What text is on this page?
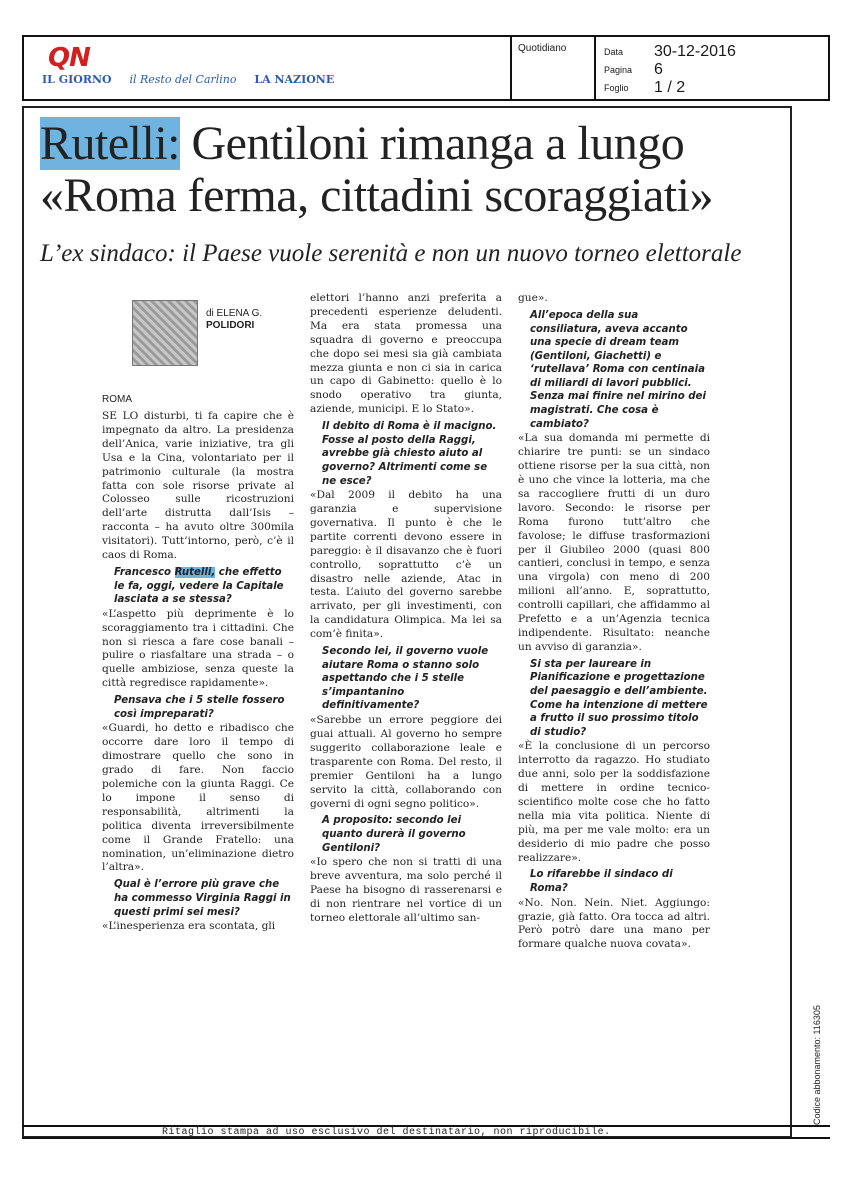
QN
IL GIORNO il Resto del Carlino LA NAZIONE
Quotidiano	Data 30-12-2016
Pagina 6
Foglio 1 / 2
Rutelli: Gentiloni rimanga a lungo
«Roma ferma, cittadini scoraggiati»
L’ex sindaco: il Paese vuole serenità e non un nuovo torneo elettorale
di ELENA G.
POLIDORI
ROMA

SE LO disturbi, ti fa capire che è impegnato da altro. La presidenza dell’Anica, varie iniziative, tra gli Usa e la Cina, volontariato per il patrimonio culturale (la mostra fatta con sole risorse private al Colosseo sulle ricostruzioni dell’arte distrutta dall’Isis – racconta – ha avuto oltre 300mila visitatori). Tutt’intorno, però, c’è il caos di Roma.

Francesco Rutelli, che effetto le fa, oggi, vedere la Capitale lasciata a se stessa?

«L’aspetto più deprimente è lo scoraggiamento tra i cittadini. Che non si riesca a fare cose banali – pulire o riasfaltare una strada – o quelle ambiziose, senza queste la città regredisce rapidamente».

Pensava che i 5 stelle fossero così impreparati?

«Guardi, ho detto e ribadisco che occorre dare loro il tempo di dimostrare quello che sono in grado di fare. Non faccio polemiche con la giunta Raggi. Ce lo impone il senso di responsabilità, altrimenti la politica diventa irreversibilmente come il Grande Fratello: una nomination, un’eliminazione dietro l’altra».

Qual è l’errore più grave che ha commesso Virginia Raggi in questi primi sei mesi?

«L’inesperienza era scontata, gli

elettori l’hanno anzi preferita a precedenti esperienze deludenti. Ma era stata promessa una squadra di governo e preoccupa che dopo sei mesi sia già cambiata mezza giunta e non ci sia in carica un capo di Gabinetto: quello è lo snodo operativo tra giunta, aziende, municipi. E lo Stato».

Il debito di Roma è il macigno. Fosse al posto della Raggi, avrebbe già chiesto aiuto al governo? Altrimenti come se ne esce?

«Dal 2009 il debito ha una garanzia e supervisione governativa. Il punto è che le partite correnti devono essere in pareggio: è il disavanzo che è fuori controllo, soprattutto c’è un disastro nelle aziende, Atac in testa. L’aiuto del governo sarebbe arrivato, per gli investimenti, con la candidatura Olimpica. Ma lei sa com’è finita».

Secondo lei, il governo vuole aiutare Roma o stanno solo aspettando che i 5 stelle s’impantanino definitivamente?

«Sarebbe un errore peggiore dei guai attuali. Al governo ho sempre suggerito collaborazione leale e trasparente con Roma. Del resto, il premier Gentiloni ha a lungo servito la città, collaborando con governi di ogni segno politico».

A proposito: secondo lei quanto durerà il governo Gentiloni?

«Io spero che non si tratti di una breve avventura, ma solo perché il Paese ha bisogno di rasserenarsi e di non rientrare nel vortice di un torneo elettorale all’ultimo san-

gue».

All’epoca della sua consiliatura, aveva accanto una specie di dream team (Gentiloni, Giachetti) e ‘rutellava’ Roma con centinaia di miliardi di lavori pubblici. Senza mai finire nel mirino dei magistrati. Che cosa è cambiato?

«La sua domanda mi permette di chiarire tre punti: se un sindaco ottiene risorse per la sua città, non è uno che vince la lotteria, ma che sa raccogliere frutti di un duro lavoro. Secondo: le risorse per Roma furono tutt’altro che favolose; le diffuse trasformazioni per il Giubileo 2000 (quasi 800 cantieri, conclusi in tempo, e senza una virgola) con meno di 200 milioni all’anno. E, soprattutto, controlli capillari, che affidammo al Prefetto e a un’Agenzia tecnica indipendente. Risultato: neanche un avviso di garanzia».

Si sta per laureare in Pianificazione e progettazione del paesaggio e dell’ambiente. Come ha intenzione di mettere a frutto il suo prossimo titolo di studio?

«È la conclusione di un percorso interrotto da ragazzo. Ho studiato due anni, solo per la soddisfazione di mettere in ordine tecnico-scientifico molte cose che ho fatto nella mia vita politica. Niente di più, ma per me vale molto: era un desiderio di mio padre che posso realizzare».

Lo rifarebbe il sindaco di Roma?

«No. Non. Nein. Niet. Aggiungo: grazie, già fatto. Ora tocca ad altri. Però potrò dare una mano per formare qualche nuova covata».

Ritaglio stampa ad uso esclusivo del destinatario, non riproducibile.
Codice abbonamento: 116305
